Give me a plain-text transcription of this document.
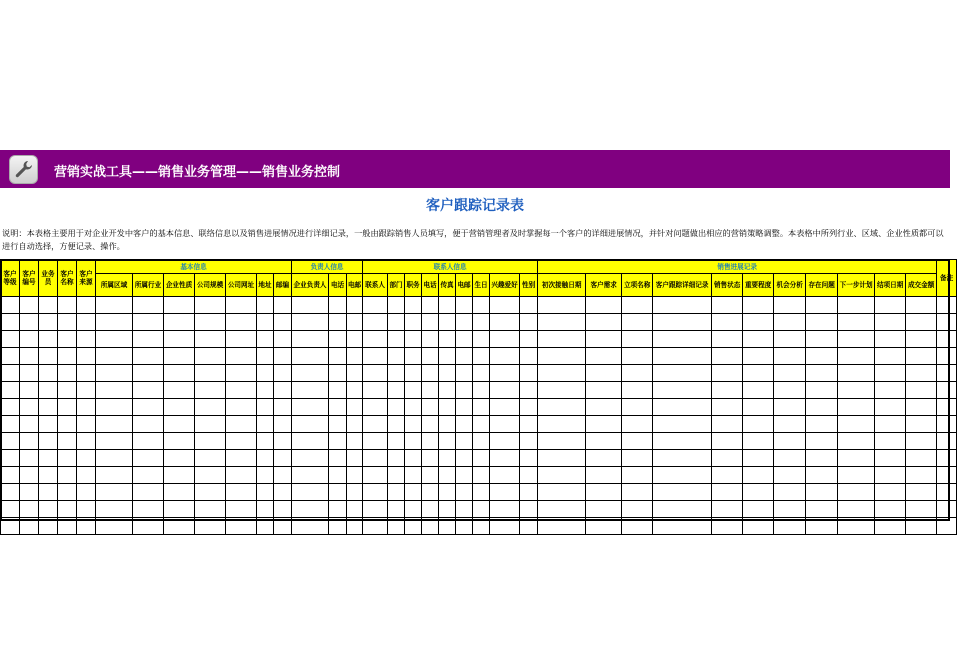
营销实战工具——销售业务管理——销售业务控制
客户跟踪记录表
说明：本表格主要用于对企业开发中客户的基本信息、联络信息以及销售进展情况进行详细记录，一般由跟踪销售人员填写，便于营销管理者及时掌握每一个客户的详细进展情况，并针对问题做出相应的营销策略调整。本表格中所列行业、区域、企业性质都可以进行自动选择，方便记录、操作。
客户等级	客户编号	业务员	客户名称	客户来源	基本信息							负责人信息			联系人信息									销售进展记录											备注
					所属区域	所属行业	企业性质	公司规模	公司网址	地址	邮编	企业负责人	电话	电邮	联系人	部门	职务	电话	传真	电邮	生日	兴趣爱好	性别	初次接触日期	客户需求	立项名称	客户跟踪详细记录	销售状态	重要程度	机会分析	存在问题	下一步计划	结项日期	成交金额	
